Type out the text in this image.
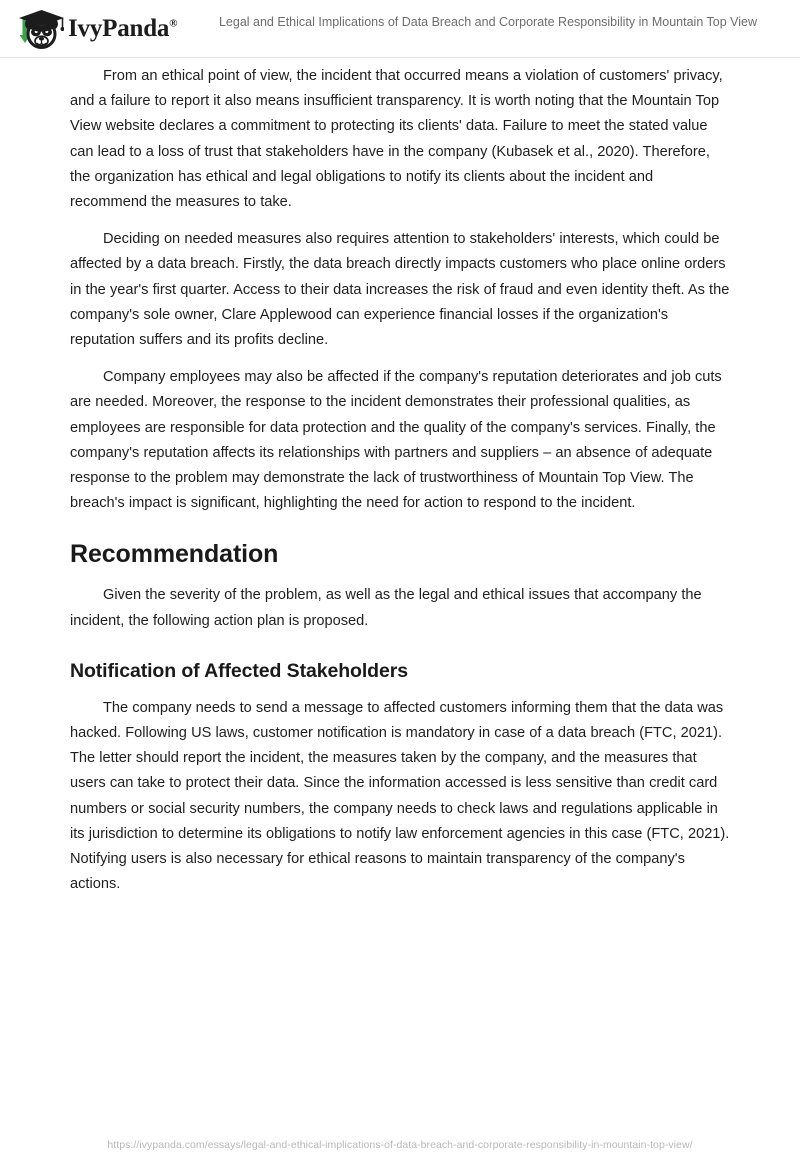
IvyPanda®	Legal and Ethical Implications of Data Breach and Corporate Responsibility in Mountain Top View

From an ethical point of view, the incident that occurred means a violation of customers' privacy, and a failure to report it also means insufficient transparency. It is worth noting that the Mountain Top View website declares a commitment to protecting its clients' data. Failure to meet the stated value can lead to a loss of trust that stakeholders have in the company (Kubasek et al., 2020). Therefore, the organization has ethical and legal obligations to notify its clients about the incident and recommend the measures to take.

Deciding on needed measures also requires attention to stakeholders' interests, which could be affected by a data breach. Firstly, the data breach directly impacts customers who place online orders in the year's first quarter. Access to their data increases the risk of fraud and even identity theft. As the company's sole owner, Clare Applewood can experience financial losses if the organization's reputation suffers and its profits decline.

Company employees may also be affected if the company's reputation deteriorates and job cuts are needed. Moreover, the response to the incident demonstrates their professional qualities, as employees are responsible for data protection and the quality of the company's services. Finally, the company's reputation affects its relationships with partners and suppliers – an absence of adequate response to the problem may demonstrate the lack of trustworthiness of Mountain Top View. The breach's impact is significant, highlighting the need for action to respond to the incident.

Recommendation

Given the severity of the problem, as well as the legal and ethical issues that accompany the incident, the following action plan is proposed.

Notification of Affected Stakeholders

The company needs to send a message to affected customers informing them that the data was hacked. Following US laws, customer notification is mandatory in case of a data breach (FTC, 2021). The letter should report the incident, the measures taken by the company, and the measures that users can take to protect their data. Since the information accessed is less sensitive than credit card numbers or social security numbers, the company needs to check laws and regulations applicable in its jurisdiction to determine its obligations to notify law enforcement agencies in this case (FTC, 2021). Notifying users is also necessary for ethical reasons to maintain transparency of the company's actions.

https://ivypanda.com/essays/legal-and-ethical-implications-of-data-breach-and-corporate-responsibility-in-mountain-top-view/
